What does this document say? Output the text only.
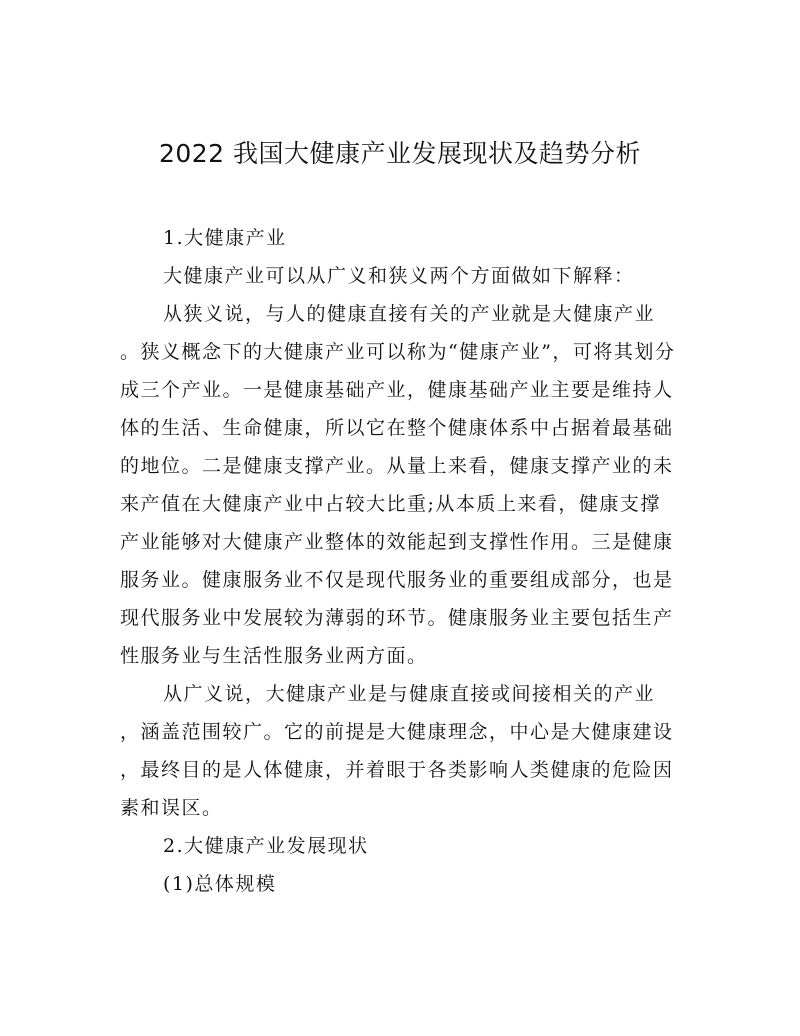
2022 我国大健康产业发展现状及趋势分析
1.大健康产业
大健康产业可以从广义和狭义两个方面做如下解释：
从狭义说，与人的健康直接有关的产业就是大健康产业
。狭义概念下的大健康产业可以称为“健康产业”，可将其划分
成三个产业。一是健康基础产业，健康基础产业主要是维持人
体的生活、生命健康，所以它在整个健康体系中占据着最基础
的地位。二是健康支撑产业。从量上来看，健康支撑产业的未
来产值在大健康产业中占较大比重;从本质上来看，健康支撑
产业能够对大健康产业整体的效能起到支撑性作用。三是健康
服务业。健康服务业不仅是现代服务业的重要组成部分，也是
现代服务业中发展较为薄弱的环节。健康服务业主要包括生产
性服务业与生活性服务业两方面。
从广义说，大健康产业是与健康直接或间接相关的产业
，涵盖范围较广。它的前提是大健康理念，中心是大健康建设
，最终目的是人体健康，并着眼于各类影响人类健康的危险因
素和误区。
2.大健康产业发展现状
(1)总体规模
